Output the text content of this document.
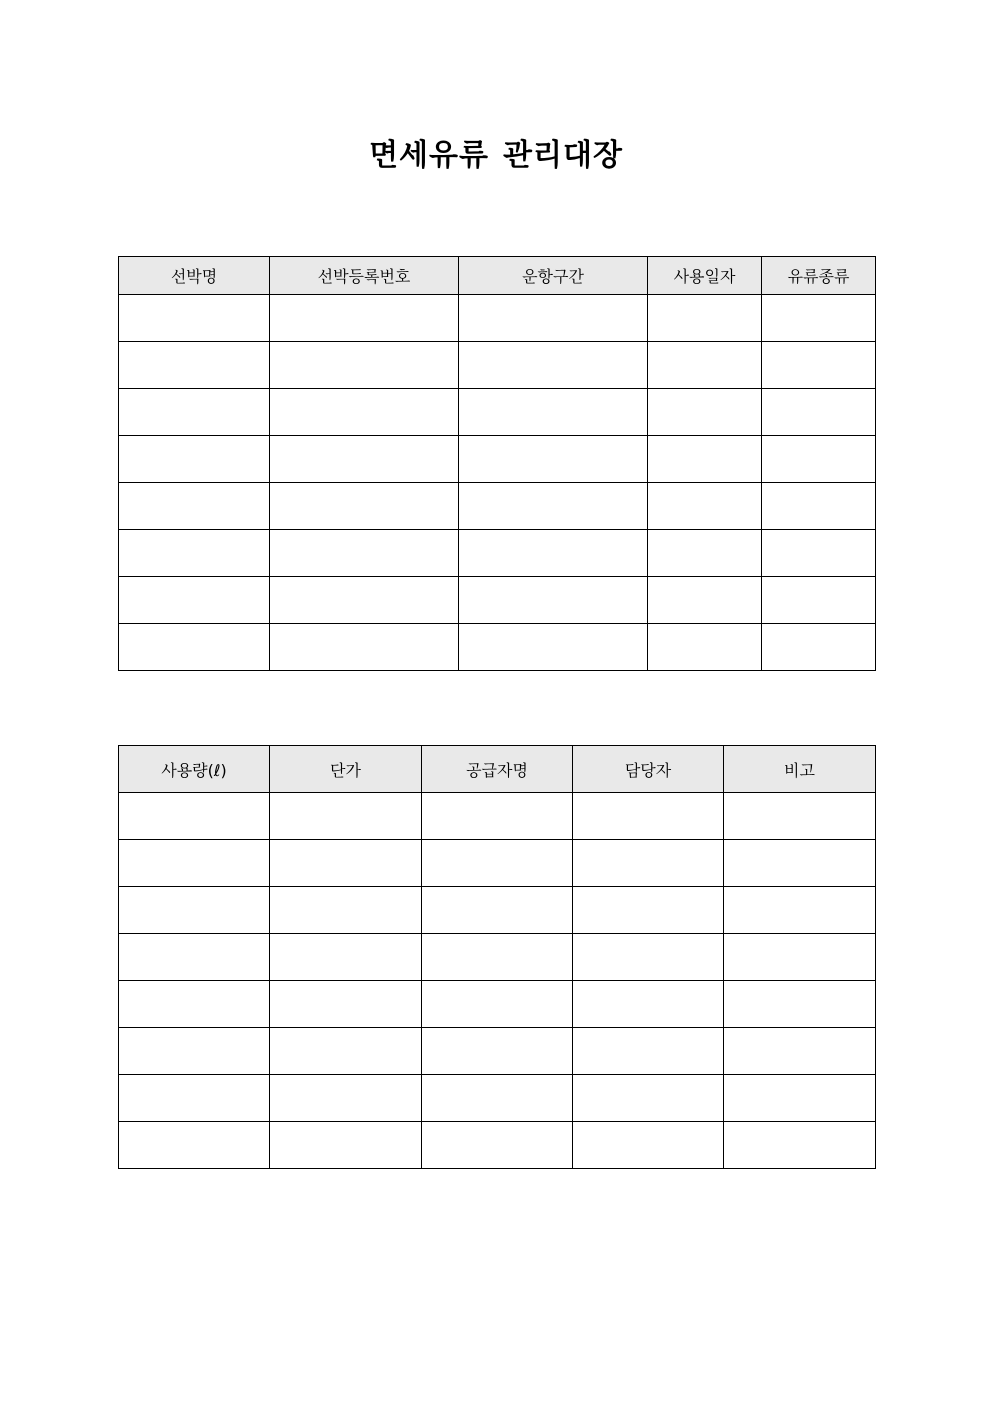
면세유류 관리대장
선박명	선박등록번호	운항구간	사용일자	유류종류

사용량(ℓ)	단가	공급자명	담당자	비고
